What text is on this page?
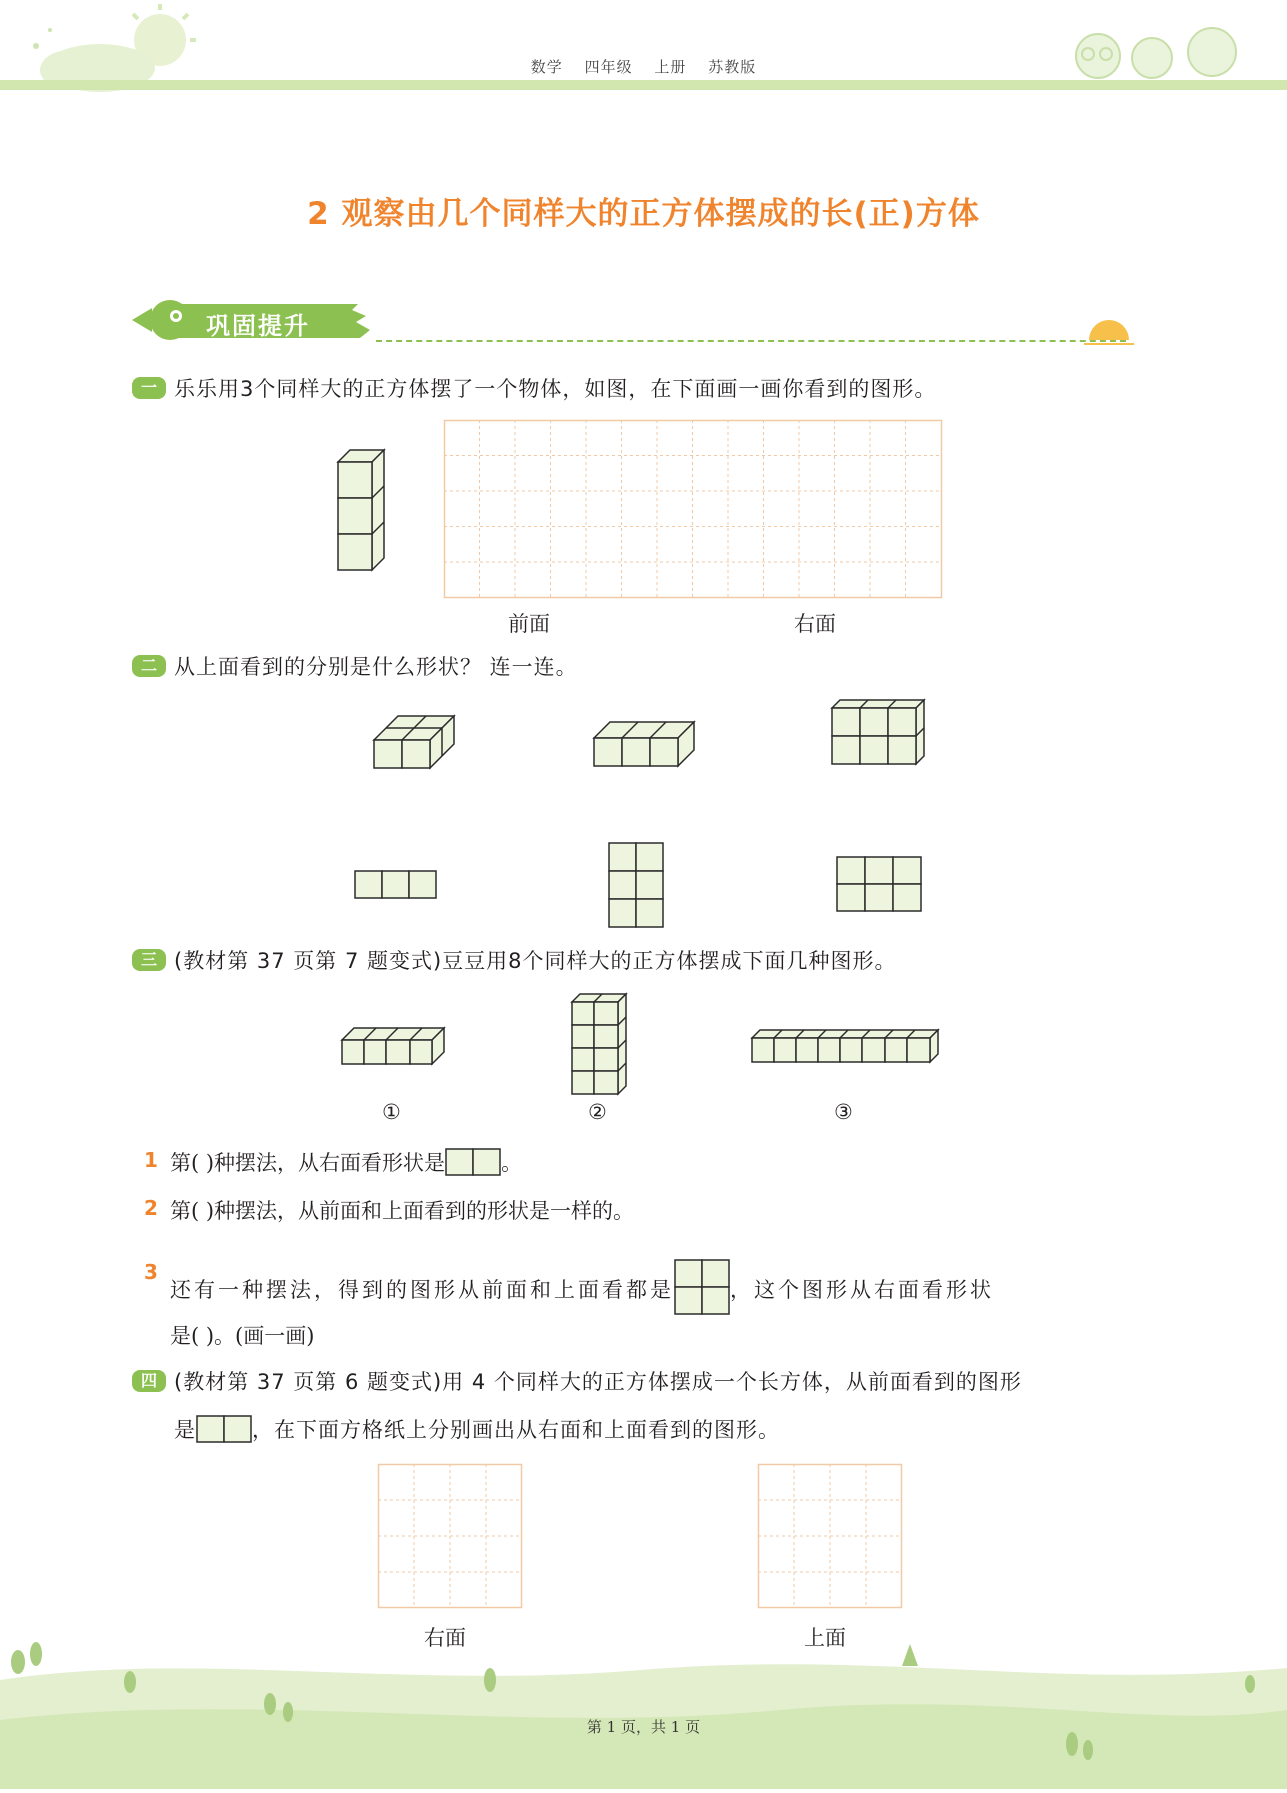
数学 四年级 上册 苏教版
2 观察由几个同样大的正方体摆成的长(正)方体
巩固提升
一 乐乐用3个同样大的正方体摆了一个物体，如图，在下面画一画你看到的图形。
前面	右面
二 从上面看到的分别是什么形状？ 连一连。
三 (教材第 37 页第 7 题变式)豆豆用8个同样大的正方体摆成下面几种图形。
①	②	③
1 第( )种摆法，从右面看形状是	。
2 第( )种摆法，从前面和上面看到的形状是一样的。
3
还有一种摆法，得到的图形从前面和上面看都是	，这个图形从右面看形状
是( )。(画一画)
四 (教材第 37 页第 6 题变式)用 4 个同样大的正方体摆成一个长方体，从前面看到的图形
是	，在下面方格纸上分别画出从右面和上面看到的图形。
右面	上面
第 1 页，共 1 页
